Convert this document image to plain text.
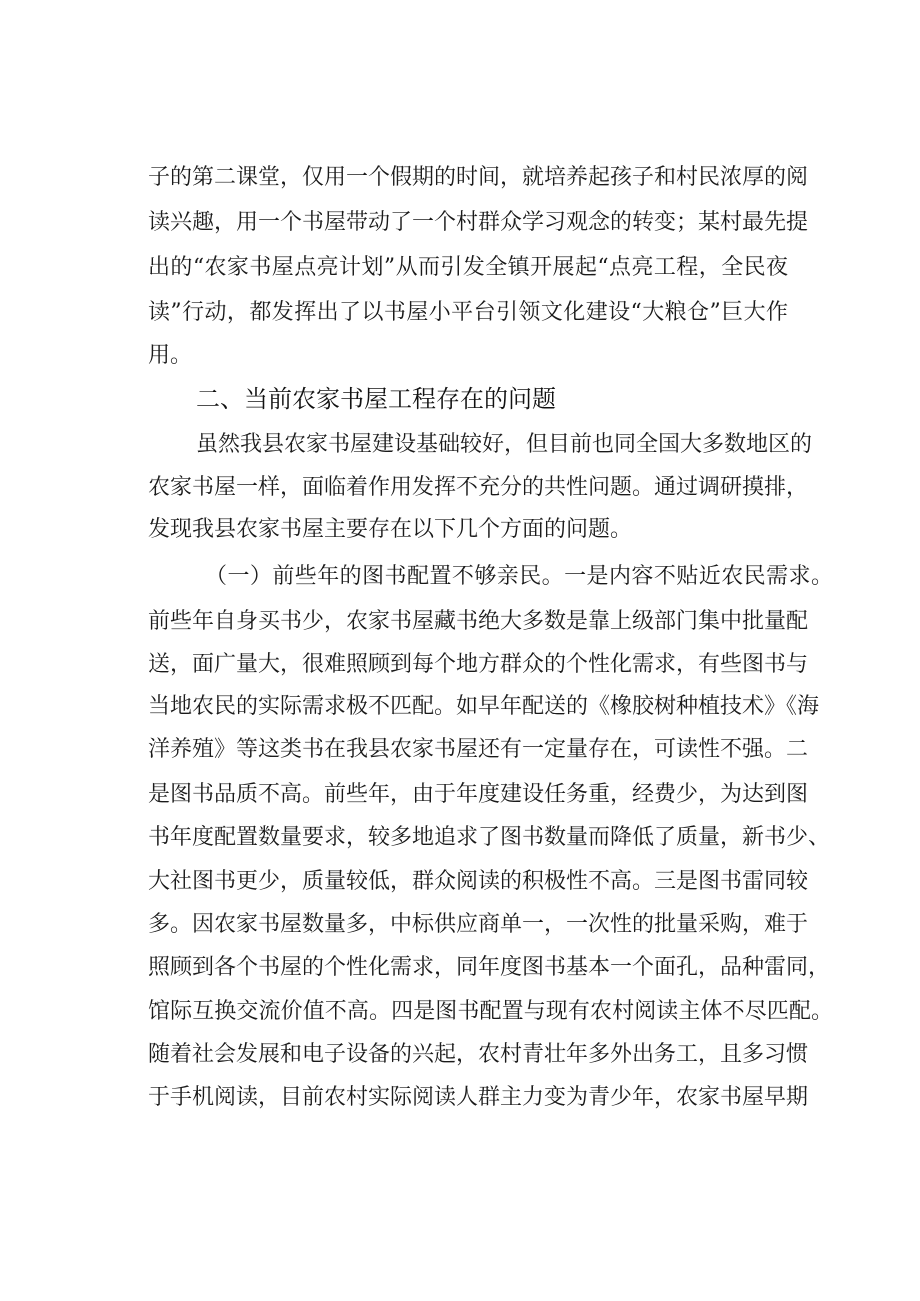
子的第二课堂，仅用一个假期的时间，就培养起孩子和村民浓厚的阅
读兴趣，用一个书屋带动了一个村群众学习观念的转变；某村最先提
出的“农家书屋点亮计划”从而引发全镇开展起“点亮工程，全民夜
读”行动，都发挥出了以书屋小平台引领文化建设“大粮仓”巨大作
用。
二、当前农家书屋工程存在的问题
虽然我县农家书屋建设基础较好，但目前也同全国大多数地区的
农家书屋一样，面临着作用发挥不充分的共性问题。通过调研摸排，
发现我县农家书屋主要存在以下几个方面的问题。
（一）前些年的图书配置不够亲民。一是内容不贴近农民需求。
前些年自身买书少，农家书屋藏书绝大多数是靠上级部门集中批量配
送，面广量大，很难照顾到每个地方群众的个性化需求，有些图书与
当地农民的实际需求极不匹配。如早年配送的《橡胶树种植技术》《海
洋养殖》等这类书在我县农家书屋还有一定量存在，可读性不强。二
是图书品质不高。前些年，由于年度建设任务重，经费少，为达到图
书年度配置数量要求，较多地追求了图书数量而降低了质量，新书少、
大社图书更少，质量较低，群众阅读的积极性不高。三是图书雷同较
多。因农家书屋数量多，中标供应商单一，一次性的批量采购，难于
照顾到各个书屋的个性化需求，同年度图书基本一个面孔，品种雷同，
馆际互换交流价值不高。四是图书配置与现有农村阅读主体不尽匹配。
随着社会发展和电子设备的兴起，农村青壮年多外出务工，且多习惯
于手机阅读，目前农村实际阅读人群主力变为青少年，农家书屋早期
